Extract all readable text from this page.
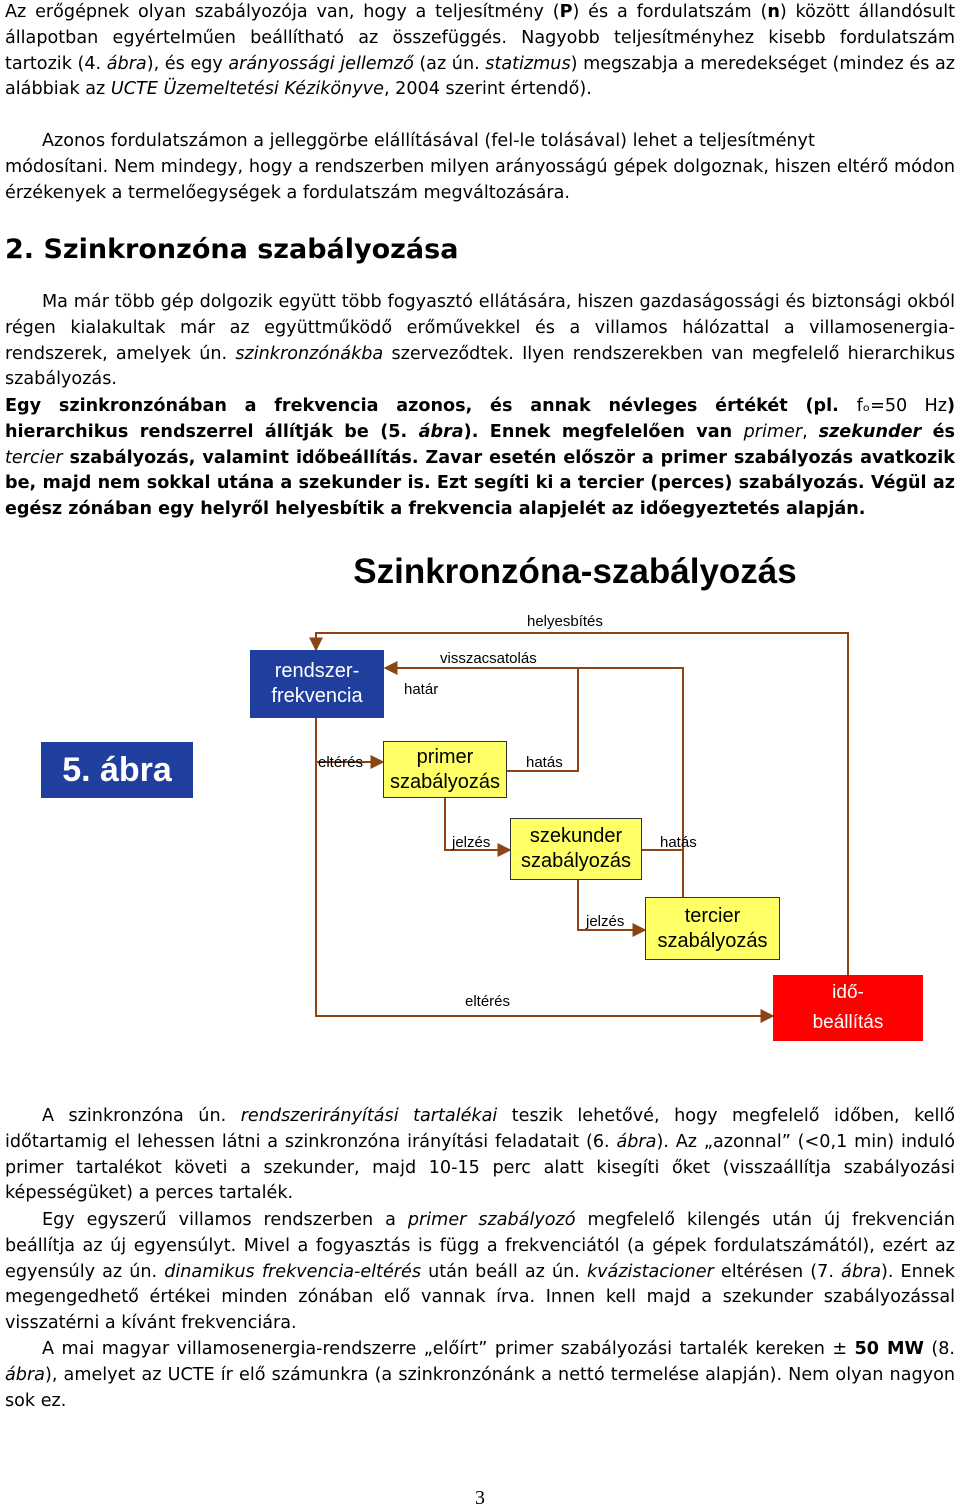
Az erőgépnek olyan szabályozója van, hogy a teljesítmény (P) és a fordulatszám (n) között állandósult állapotban egyértelműen beállítható az összefüggés. Nagyobb teljesítményhez kisebb fordulatszám tartozik (4. ábra), és egy arányossági jellemző (az ún. statizmus) megszabja a meredekséget (mindez és az alábbiak az UCTE Üzemeltetési Kézikönyve, 2004 szerint értendő).

Azonos fordulatszámon a jelleggörbe elállításával (fel-le tolásával) lehet a teljesítményt

módosítani. Nem mindegy, hogy a rendszerben milyen arányosságú gépek dolgoznak, hiszen eltérő módon érzékenyek a termelőegységek a fordulatszám megváltozására.

2. Szinkronzóna szabályozása

Ma már több gép dolgozik együtt több fogyasztó ellátására, hiszen gazdaságossági és biztonsági okból régen kialakultak már az együttműködő erőművekkel és a villamos hálózattal a villamosenergia-rendszerek, amelyek ún. szinkronzónákba szerveződtek. Ilyen rendszerekben van megfelelő hierarchikus szabályozás.

Egy szinkronzónában a frekvencia azonos, és annak névleges értékét (pl. fₒ=50 Hz) hierarchikus rendszerrel állítják be (5. ábra). Ennek megfelelően van primer, szekunder és tercier szabályozás, valamint időbeállítás. Zavar esetén először a primer szabályozás avatkozik be, majd nem sokkal utána a szekunder is. Ezt segíti ki a tercier (perces) szabályozás. Végül az egész zónában egy helyről helyesbítik a frekvencia alapjelét az időegyeztetés alapján.

Szinkronzóna-szabályozás
rendszer-
frekvencia
5. ábra	primer
szabályozás
szekunder
szabályozás
tercier
szabályozás
idő-
beállítás
helyesbítés
visszacsatolás
határ
eltérés	hatás
jelzés	hatás
jelzés
eltérés

A szinkronzóna ún. rendszerirányítási tartalékai teszik lehetővé, hogy megfelelő időben, kellő időtartamig el lehessen látni a szinkronzóna irányítási feladatait (6. ábra). Az „azonnal” (<0,1 min) induló primer tartalékot követi a szekunder, majd 10-15 perc alatt kisegíti őket (visszaállítja szabályozási képességüket) a perces tartalék.

Egy egyszerű villamos rendszerben a primer szabályozó megfelelő kilengés után új frekvencián beállítja az új egyensúlyt. Mivel a fogyasztás is függ a frekvenciától (a gépek fordulatszámától), ezért az egyensúly az ún. dinamikus frekvencia-eltérés után beáll az ún. kvázistacioner eltérésen (7. ábra). Ennek megengedhető értékei minden zónában elő vannak írva. Innen kell majd a szekunder szabályozással visszatérni a kívánt frekvenciára.

A mai magyar villamosenergia-rendszerre „előírt” primer szabályozási tartalék kereken ± 50 MW (8. ábra), amelyet az UCTE ír elő számunkra (a szinkronzónánk a nettó termelése alapján). Nem olyan nagyon sok ez.

3
